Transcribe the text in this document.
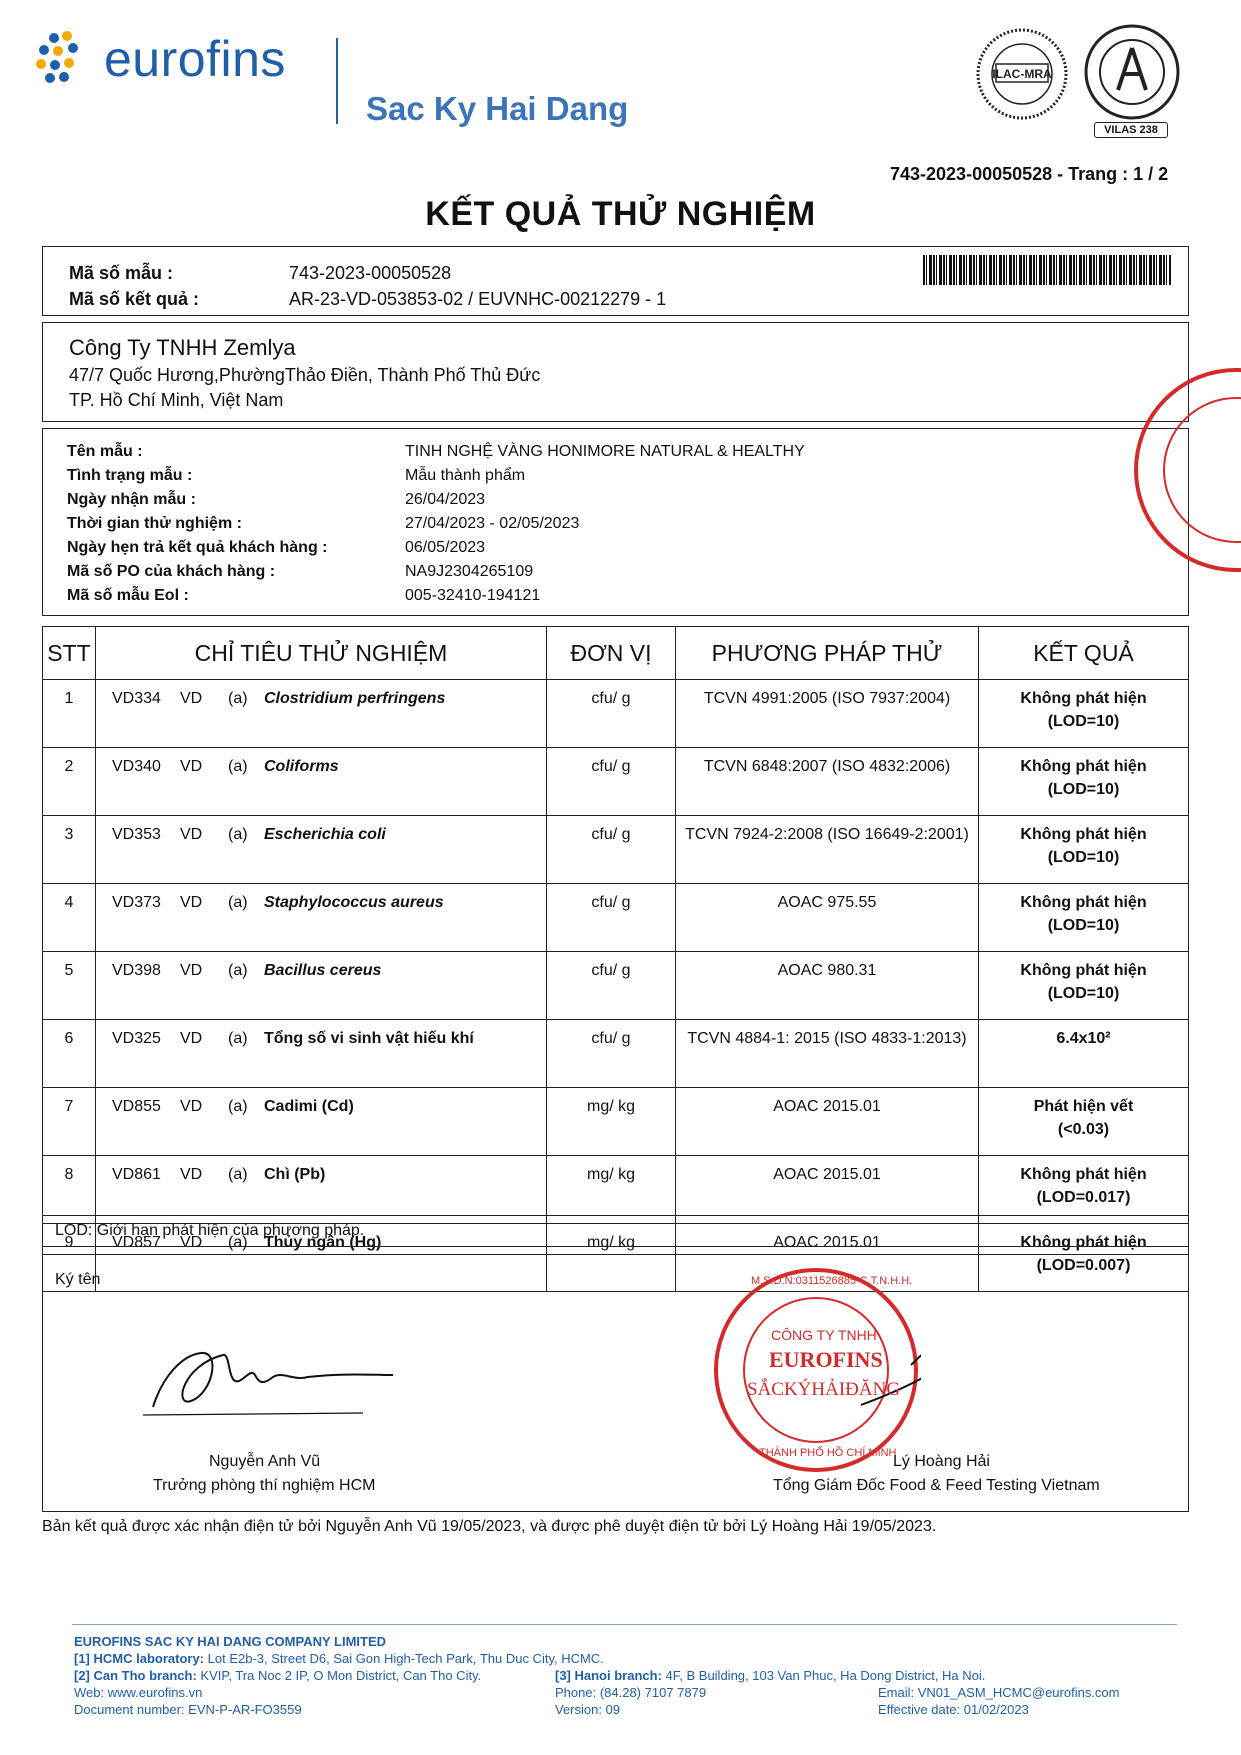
eurofins
Sac Ky Hai Dang
ILAC-MRA
VILAS 238
743-2023-00050528 - Trang : 1 / 2
KẾT QUẢ THỬ NGHIỆM
Mã số mẫu :	743-2023-00050528
Mã số kết quả :	AR-23-VD-053853-02 / EUVNHC-00212279 - 1
Công Ty TNHH Zemlya
47/7 Quốc Hương,PhườngThảo Điền, Thành Phố Thủ Đức
TP. Hồ Chí Minh, Việt Nam
Tên mẫu :	TINH NGHỆ VÀNG HONIMORE NATURAL & HEALTHY
Tình trạng mẫu :	Mẫu thành phẩm
Ngày nhận mẫu :	26/04/2023
Thời gian thử nghiệm :	27/04/2023 - 02/05/2023
Ngày hẹn trả kết quả khách hàng :	06/05/2023
Mã số PO của khách hàng :	NA9J2304265109
Mã số mẫu Eol :	005-32410-194121
STT	CHỈ TIÊU THỬ NGHIỆM	ĐƠN VỊ	PHƯƠNG PHÁP THỬ	KẾT QUẢ
1	VD334 VD (a) Clostridium perfringens	cfu/ g	TCVN 4991:2005 (ISO 7937:2004)	Không phát hiện
(LOD=10)

2	VD340 VD (a) Coliforms	cfu/ g	TCVN 6848:2007 (ISO 4832:2006)	Không phát hiện
(LOD=10)

3	VD353 VD (a) Escherichia coli	cfu/ g	TCVN 7924-2:2008 (ISO 16649-2:2001)	Không phát hiện
(LOD=10)

4	VD373 VD (a) Staphylococcus aureus	cfu/ g	AOAC 975.55	Không phát hiện
(LOD=10)

5	VD398 VD (a) Bacillus cereus	cfu/ g	AOAC 980.31	Không phát hiện
(LOD=10)

6	VD325 VD (a) Tổng số vi sinh vật hiếu khí	cfu/ g	TCVN 4884-1: 2015 (ISO 4833-1:2013)	6.4x10²

7	VD855 VD (a) Cadimi (Cd)	mg/ kg	AOAC 2015.01	Phát hiện vết
(<0.03)

8	VD861 VD (a) Chì (Pb)	mg/ kg	AOAC 2015.01	Không phát hiện
(LOD=0.017)

9	VD857 VD (a) Thủy ngân (Hg)	mg/ kg	AOAC 2015.01	Không phát hiện
(LOD=0.007)
LOD: Giới hạn phát hiện của phương pháp.
Ký tên
Nguyễn Anh Vũ
Trưởng phòng thí nghiệm HCM
CÔNG TY TNHH
EUROFINS
SẮCKÝHẢIĐĂNG
M.S.D.N:0311526885-C.T.N.H.H.
THÀNH PHỐ HỒ CHÍ MINH
Lý Hoàng Hải
Tổng Giám Đốc Food & Feed Testing Vietnam
Bản kết quả được xác nhận điện tử bởi Nguyễn Anh Vũ 19/05/2023, và được phê duyệt điện tử bởi Lý Hoàng Hải 19/05/2023.
EUROFINS SAC KY HAI DANG COMPANY LIMITED
[1] HCMC laboratory: Lot E2b-3, Street D6, Sai Gon High-Tech Park, Thu Duc City, HCMC.
[2] Can Tho branch: KVIP, Tra Noc 2 IP, O Mon District, Can Tho City.	[3] Hanoi branch: 4F, B Building, 103 Van Phuc, Ha Dong District, Ha Noi.
Web: www.eurofins.vn	Phone: (84.28) 7107 7879	Email: VN01_ASM_HCMC@eurofins.com
Document number: EVN-P-AR-FO3559	Version: 09	Effective date: 01/02/2023
